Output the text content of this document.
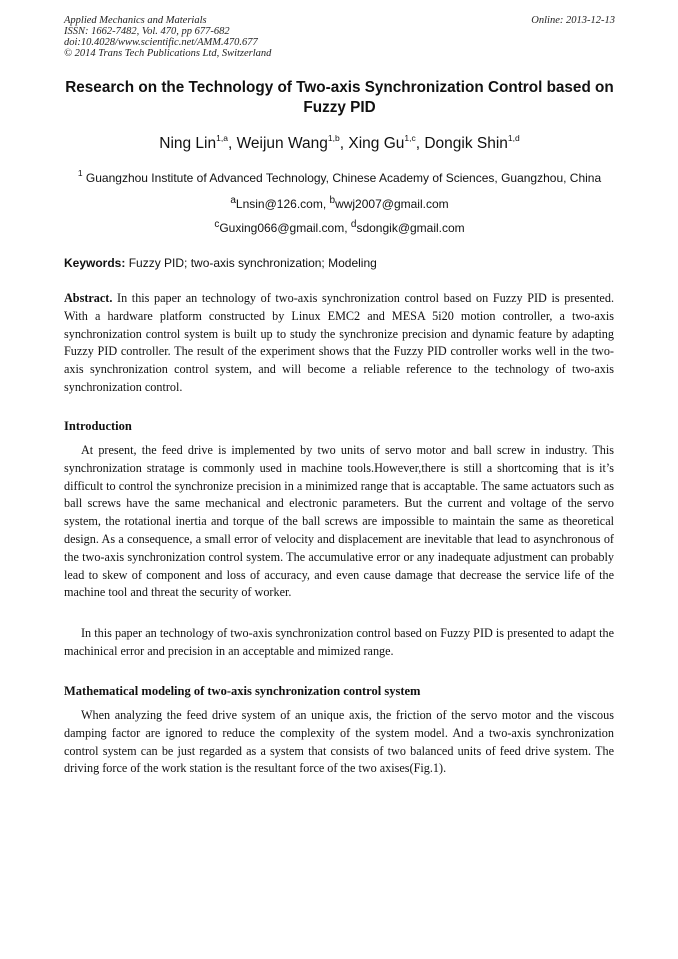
Applied Mechanics and Materials
ISSN: 1662-7482, Vol. 470, pp 677-682
doi:10.4028/www.scientific.net/AMM.470.677
© 2014 Trans Tech Publications Ltd, Switzerland
Online: 2013-12-13
Research on the Technology of Two-axis Synchronization Control based on Fuzzy PID
Ning Lin$^{1,a}$, Weijun Wang$^{1,b}$, Xing Gu$^{1,c}$, Dongik Shin$^{1,d}$
$^1$ Guangzhou Institute of Advanced Technology, Chinese Academy of Sciences, Guangzhou, China
$^a$Lnsin@126.com, $^b$wwj2007@gmail.com
$^c$Guxing066@gmail.com, $^d$sdongik@gmail.com
Keywords: Fuzzy PID; two-axis synchronization; Modeling
Abstract. In this paper an technology of two-axis synchronization control based on Fuzzy PID is presented. With a hardware platform constructed by Linux EMC2 and MESA 5i20 motion controller, a two-axis synchronization control system is built up to study the synchronize precision and dynamic feature by adapting Fuzzy PID controller. The result of the experiment shows that the Fuzzy PID controller works well in the two-axis synchronization control system, and will become a reliable reference to the technology of two-axis synchronization control.
Introduction
At present, the feed drive is implemented by two units of servo motor and ball screw in industry. This synchronization stratage is commonly used in machine tools.However,there is still a shortcoming that is it’s difficult to control the synchronize precision in a minimized range that is accaptable. The same actuators such as ball screws have the same mechanical and electronic parameters. But the current and voltage of the servo system, the rotational inertia and torque of the ball screws are impossible to maintain the same as theoretical design. As a consequence, a small error of velocity and displacement are inevitable that lead to asynchronous of the two-axis synchronization control system. The accumulative error or any inadequate adjustment can probably lead to skew of component and loss of accuracy, and even cause damage that decrease the service life of the machine tool and threat the security of worker.
In this paper an technology of two-axis synchronization control based on Fuzzy PID is presented to adapt the machinical error and precision in an acceptable and mimized range.
Mathematical modeling of two-axis synchronization control system
When analyzing the feed drive system of an unique axis, the friction of the servo motor and the viscous damping factor are ignored to reduce the complexity of the system model. And a two-axis synchronization control system can be just regarded as a system that consists of two balanced units of feed drive system. The driving force of the work station is the resultant force of the two axises(Fig.1).
